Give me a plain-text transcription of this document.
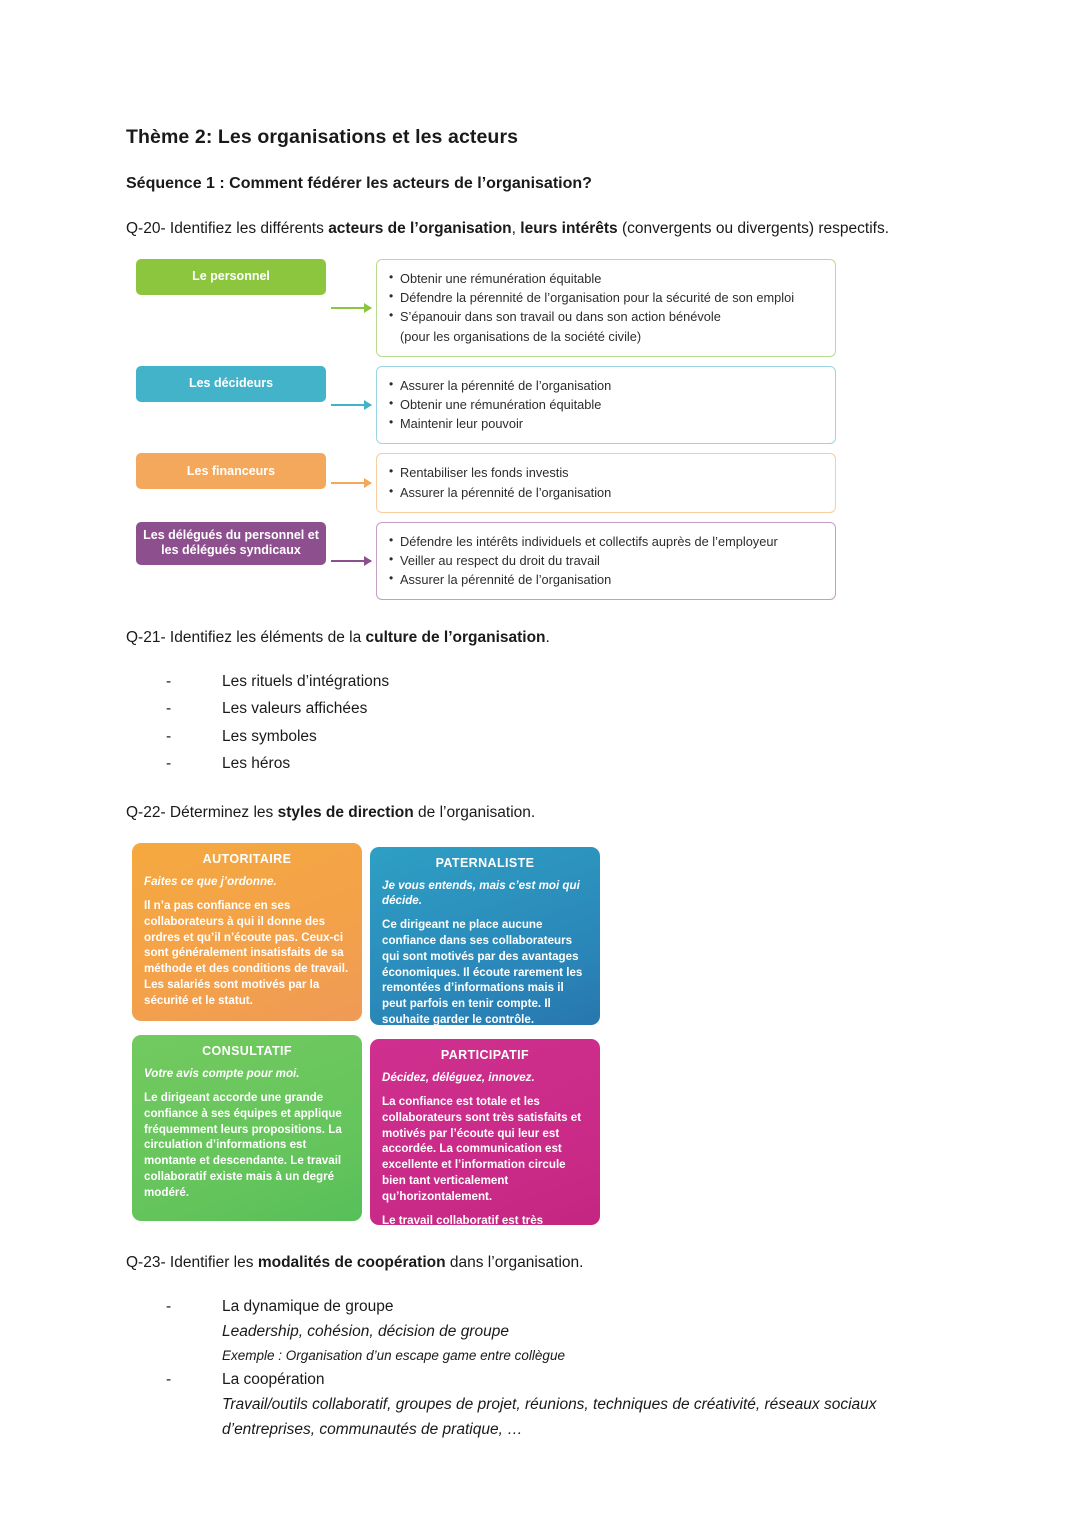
Thème 2: Les organisations et les acteurs
Séquence 1 : Comment fédérer les acteurs de l’organisation?

Q-20- Identifiez les différents acteurs de l’organisation, leurs intérêts (convergents ou divergents) respectifs.

Le personnel	• Obtenir une rémunération équitable
• Défendre la pérennité de l’organisation pour la sécurité de son emploi
• S’épanouir dans son travail ou dans son action bénévole
(pour les organisations de la société civile)
Les décideurs	• Assurer la pérennité de l’organisation
• Obtenir une rémunération équitable
• Maintenir leur pouvoir
Les financeurs	• Rentabiliser les fonds investis
• Assurer la pérennité de l’organisation
Les délégués du personnel et les délégués syndicaux
• Défendre les intérêts individuels et collectifs auprès de l’employeur
• Veiller au respect du droit du travail
• Assurer la pérennité de l’organisation

Q-21- Identifiez les éléments de la culture de l’organisation.

- Les rituels d’intégrations
- Les valeurs affichées
- Les symboles
- Les héros

Q-22- Déterminez les styles de direction de l’organisation.

AUTORITAIRE
Faites ce que j’ordonne.

Il n’a pas confiance en ses collaborateurs à qui il donne des ordres et qu’il n’écoute pas. Ceux-ci sont généralement insatisfaits de sa méthode et des conditions de travail. Les salariés sont motivés par la sécurité et le statut.

PATERNALISTE
Je vous entends, mais c’est moi qui décide.

Ce dirigeant ne place aucune confiance dans ses collaborateurs qui sont motivés par des avantages économiques. Il écoute rarement les remontées d’informations mais il peut parfois en tenir compte. Il souhaite garder le contrôle.

CONSULTATIF
Votre avis compte pour moi.

Le dirigeant accorde une grande confiance à ses équipes et applique fréquemment leurs propositions. La circulation d’informations est montante et descendante. Le travail collaboratif existe mais à un degré modéré.

PARTICIPATIF
Décidez, déléguez, innovez.

La confiance est totale et les collaborateurs sont très satisfaits et motivés par l’écoute qui leur est accordée. La communication est excellente et l’information circule bien tant verticalement qu’horizontalement.

Le travail collaboratif est très présent.

Q-23- Identifier les modalités de coopération dans l’organisation.

- La dynamique de groupe
Leadership, cohésion, décision de groupe
Exemple : Organisation d’un escape game entre collègue
- La coopération
Travail/outils collaboratif, groupes de projet, réunions, techniques de créativité, réseaux sociaux d’entreprises, communautés de pratique, …
